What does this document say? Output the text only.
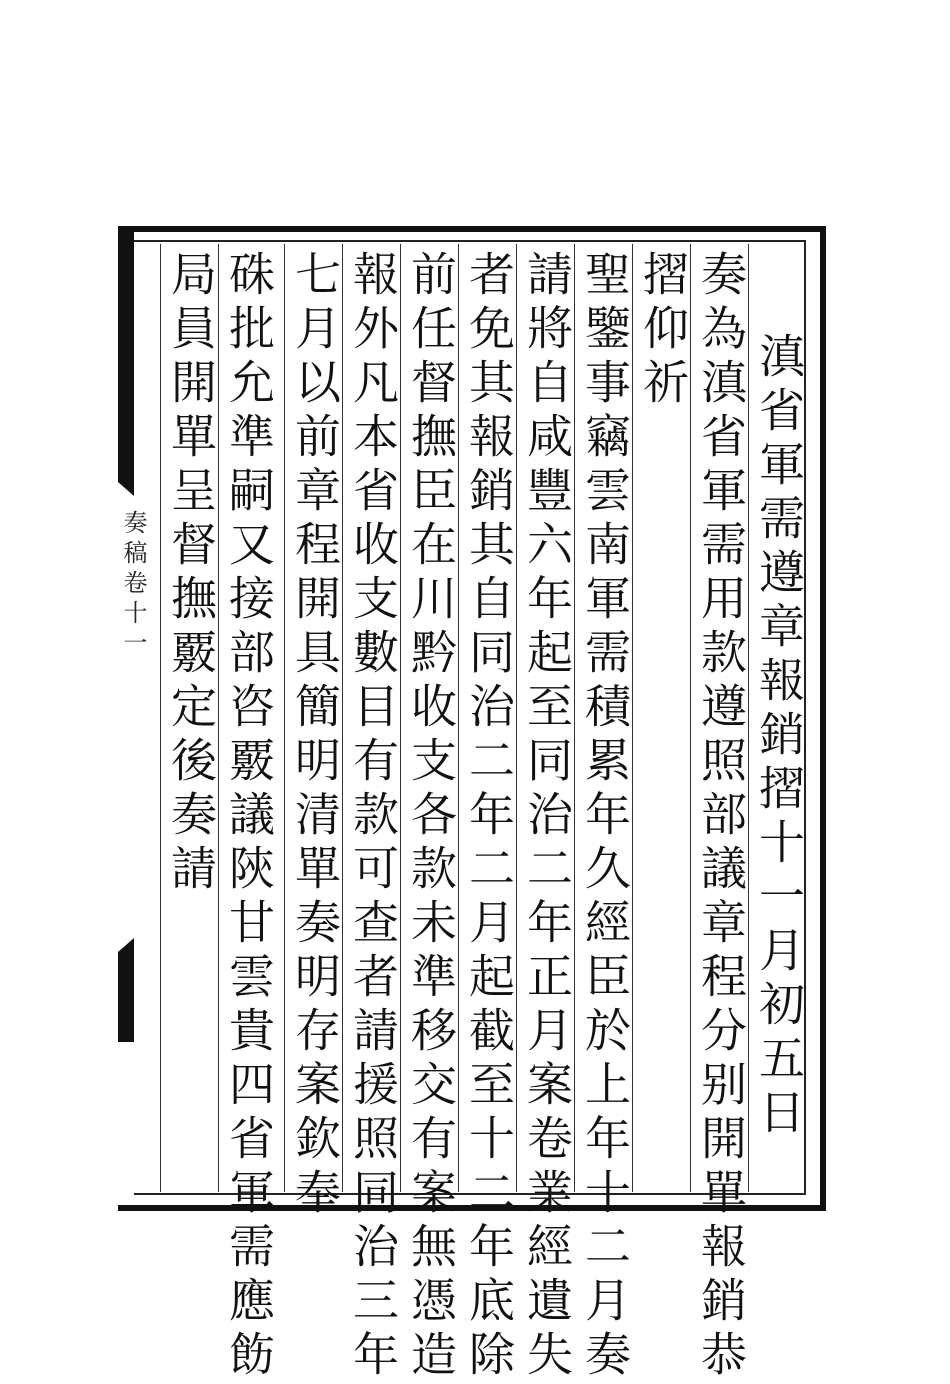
奏稿卷十一	滇省軍需遵章報銷摺十一月初五日
奏為滇省軍需用款遵照部議章程分别開單報銷恭
摺仰祈
聖鑒事竊雲南軍需積累年久經臣於上年十二月奏
請將自咸豐六年起至同治二年正月案卷業經遺失
者免其報銷其自同治二年二月起截至十二年底除
前任督撫臣在川黔收支各款未準移交有案無憑造
報外凡本省收支數目有款可查者請援照同治三年
七月以前章程開具簡明清單奏明存案欽奉
硃批允準嗣又接部咨覈議陝甘雲貴四省軍需應飭
局員開單呈督撫覈定後奏請
